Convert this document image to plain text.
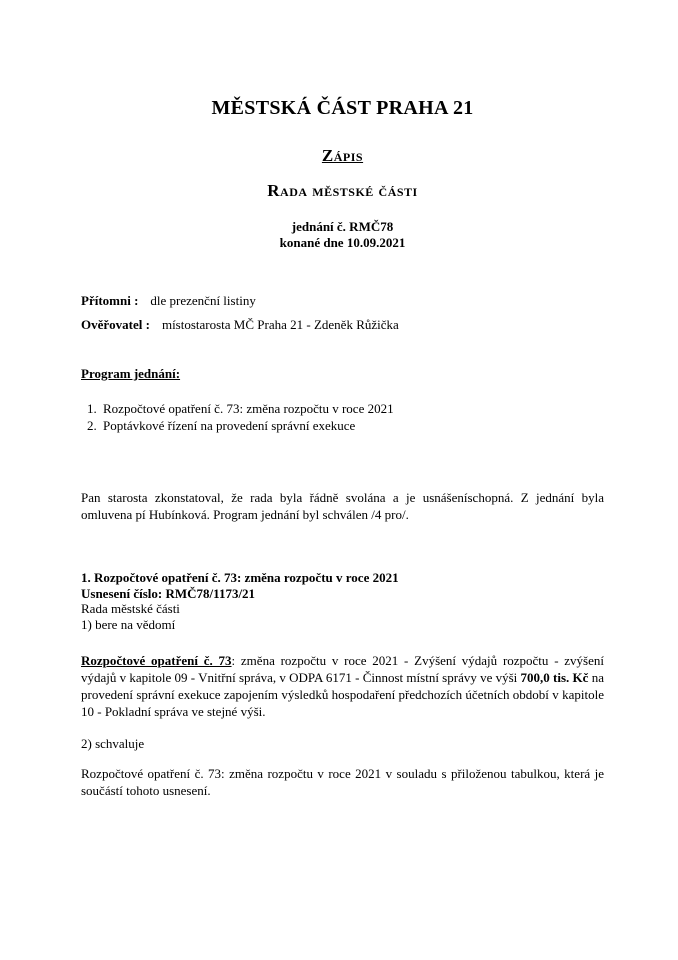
MĚSTSKÁ ČÁST PRAHA 21
Zápis
Rada městské části
jednání č. RMČ78
konané dne 10.09.2021
Přítomni : dle prezenční listiny
Ověřovatel : místostarosta MČ Praha 21 - Zdeněk Růžička
Program jednání:
1. Rozpočtové opatření č. 73: změna rozpočtu v roce 2021
2. Poptávkové řízení na provedení správní exekuce

Pan starosta zkonstatoval, že rada byla řádně svolána a je usnášeníschopná. Z jednání byla omluvena pí Hubínková. Program jednání byl schválen /4 pro/.

1. Rozpočtové opatření č. 73: změna rozpočtu v roce 2021
Usnesení číslo: RMČ78/1173/21
Rada městské části
1) bere na vědomí

Rozpočtové opatření č. 73: změna rozpočtu v roce 2021 - Zvýšení výdajů rozpočtu - zvýšení výdajů v kapitole 09 - Vnitřní správa, v ODPA 6171 - Činnost místní správy ve výši 700,0 tis. Kč na provedení správní exekuce zapojením výsledků hospodaření předchozích účetních období v kapitole 10 - Pokladní správa ve stejné výši.

2) schvaluje

Rozpočtové opatření č. 73: změna rozpočtu v roce 2021 v souladu s přiloženou tabulkou, která je součástí tohoto usnesení.
